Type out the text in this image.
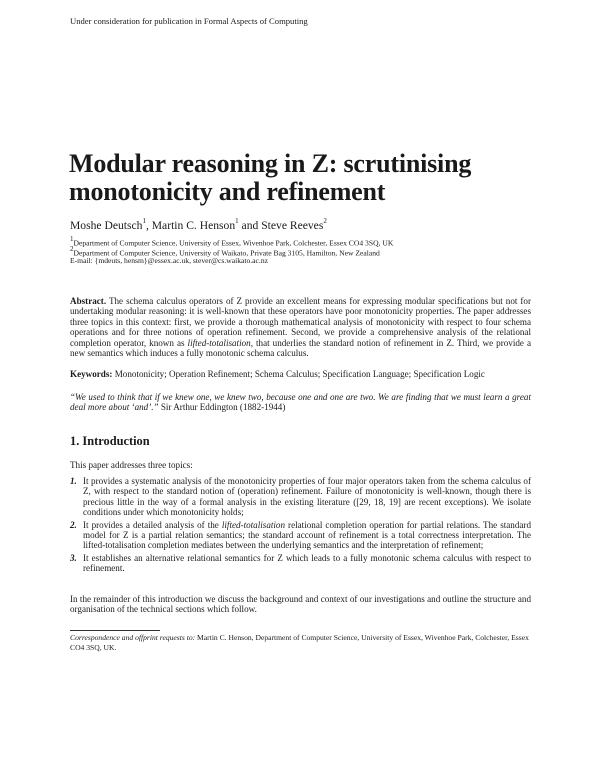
Under consideration for publication in Formal Aspects of Computing
Modular reasoning in Z: scrutinising monotonicity and refinement
Moshe Deutsch$^1$, Martin C. Henson$^1$ and Steve Reeves$^2$
$^1$Department of Computer Science, University of Essex, Wivenhoe Park, Colchester, Essex CO4 3SQ, UK
$^2$Department of Computer Science, University of Waikato, Private Bag 3105, Hamilton, New Zealand
E-mail: {mdeuts, hensm}@essex.ac.uk, stever@cs.waikato.ac.nz
Abstract. The schema calculus operators of Z provide an excellent means for expressing modular specifications but not for undertaking modular reasoning: it is well-known that these operators have poor monotonicity properties. The paper addresses three topics in this context: first, we provide a thorough mathematical analysis of monotonicity with respect to four schema operations and for three notions of operation refinement. Second, we provide a comprehensive analysis of the relational completion operator, known as lifted-totalisation, that underlies the standard notion of refinement in Z. Third, we provide a new semantics which induces a fully monotonic schema calculus.
Keywords: Monotonicity; Operation Refinement; Schema Calculus; Specification Language; Specification Logic
“We used to think that if we knew one, we knew two, because one and one are two. We are finding that we must learn a great deal more about ‘and’.” Sir Arthur Eddington (1882-1944)
1. Introduction
This paper addresses three topics:
1. It provides a systematic analysis of the monotonicity properties of four major operators taken from the schema calculus of Z, with respect to the standard notion of (operation) refinement. Failure of monotonicity is well-known, though there is precious little in the way of a formal analysis in the existing literature ([29, 18, 19] are recent exceptions). We isolate conditions under which monotonicity holds;
2. It provides a detailed analysis of the lifted-totalisation relational completion operation for partial relations. The standard model for Z is a partial relation semantics; the standard account of refinement is a total correctness interpretation. The lifted-totalisation completion mediates between the underlying semantics and the interpretation of refinement;
3. It establishes an alternative relational semantics for Z which leads to a fully monotonic schema calculus with respect to refinement.
In the remainder of this introduction we discuss the background and context of our investigations and outline the structure and organisation of the technical sections which follow.
Correspondence and offprint requests to: Martin C. Henson, Department of Computer Science, University of Essex, Wivenhoe Park, Colchester, Essex CO4 3SQ, UK.
